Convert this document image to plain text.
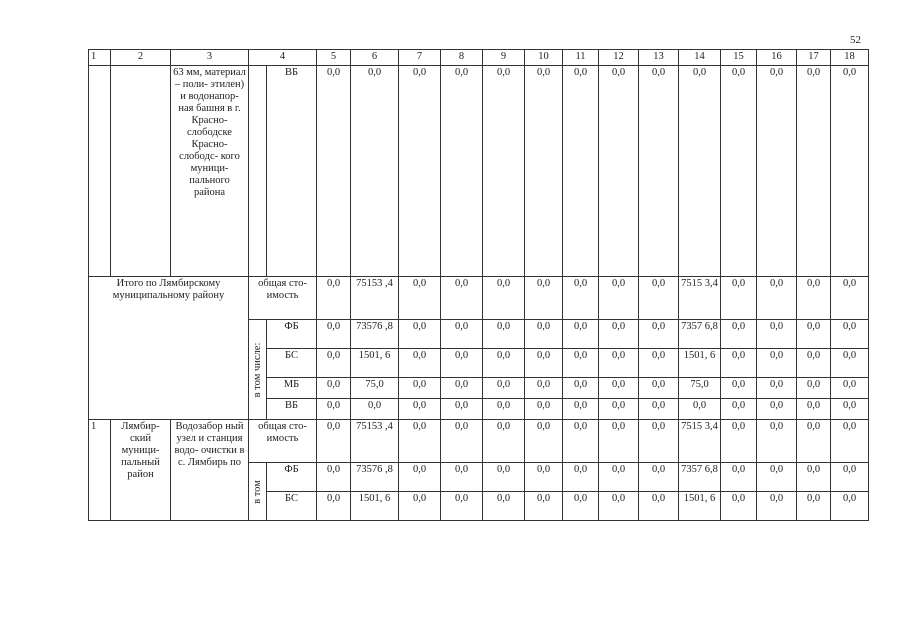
52
1	2	3	4		5	6	7	8	9	10	11	12	13	14	15	16	17	18
		63 мм, материал – поли- этилен) и водонапор- ная башня в г. Красно- слободске Красно- слободс- кого муници- пального района		ВБ	0,0	0,0	0,0	0,0	0,0	0,0	0,0	0,0	0,0	0,0	0,0	0,0	0,0	0,0
Итого по Лямбирскому муниципальному району			общая сто- имость		0,0	75153 ,4	0,0	0,0	0,0	0,0	0,0	0,0	0,0	7515 3,4	0,0	0,0	0,0	0,0

			в том числе:	ФБ	0,0	73576 ,8	0,0	0,0	0,0	0,0	0,0	0,0	0,0	7357 6,8	0,0	0,0	0,0	0,0
				БС	0,0	1501, 6	0,0	0,0	0,0	0,0	0,0	0,0	0,0	1501, 6	0,0	0,0	0,0	0,0
				МБ	0,0	75,0	0,0	0,0	0,0	0,0	0,0	0,0	0,0	75,0	0,0	0,0	0,0	0,0
				ВБ	0,0	0,0	0,0	0,0	0,0	0,0	0,0	0,0	0,0	0,0	0,0	0,0	0,0	0,0
1	Лямбир- ский муници- пальный район	Водозабор ный узел и станция водо- очистки в с. Лямбирь по	общая сто- имость		0,0	75153 ,4	0,0	0,0	0,0	0,0	0,0	0,0	0,0	7515 3,4	0,0	0,0	0,0	0,0

			в том	ФБ	0,0	73576 ,8	0,0	0,0	0,0	0,0	0,0	0,0	0,0	7357 6,8	0,0	0,0	0,0	0,0
				БС	0,0	1501, 6	0,0	0,0	0,0	0,0	0,0	0,0	0,0	1501, 6	0,0	0,0	0,0	0,0
